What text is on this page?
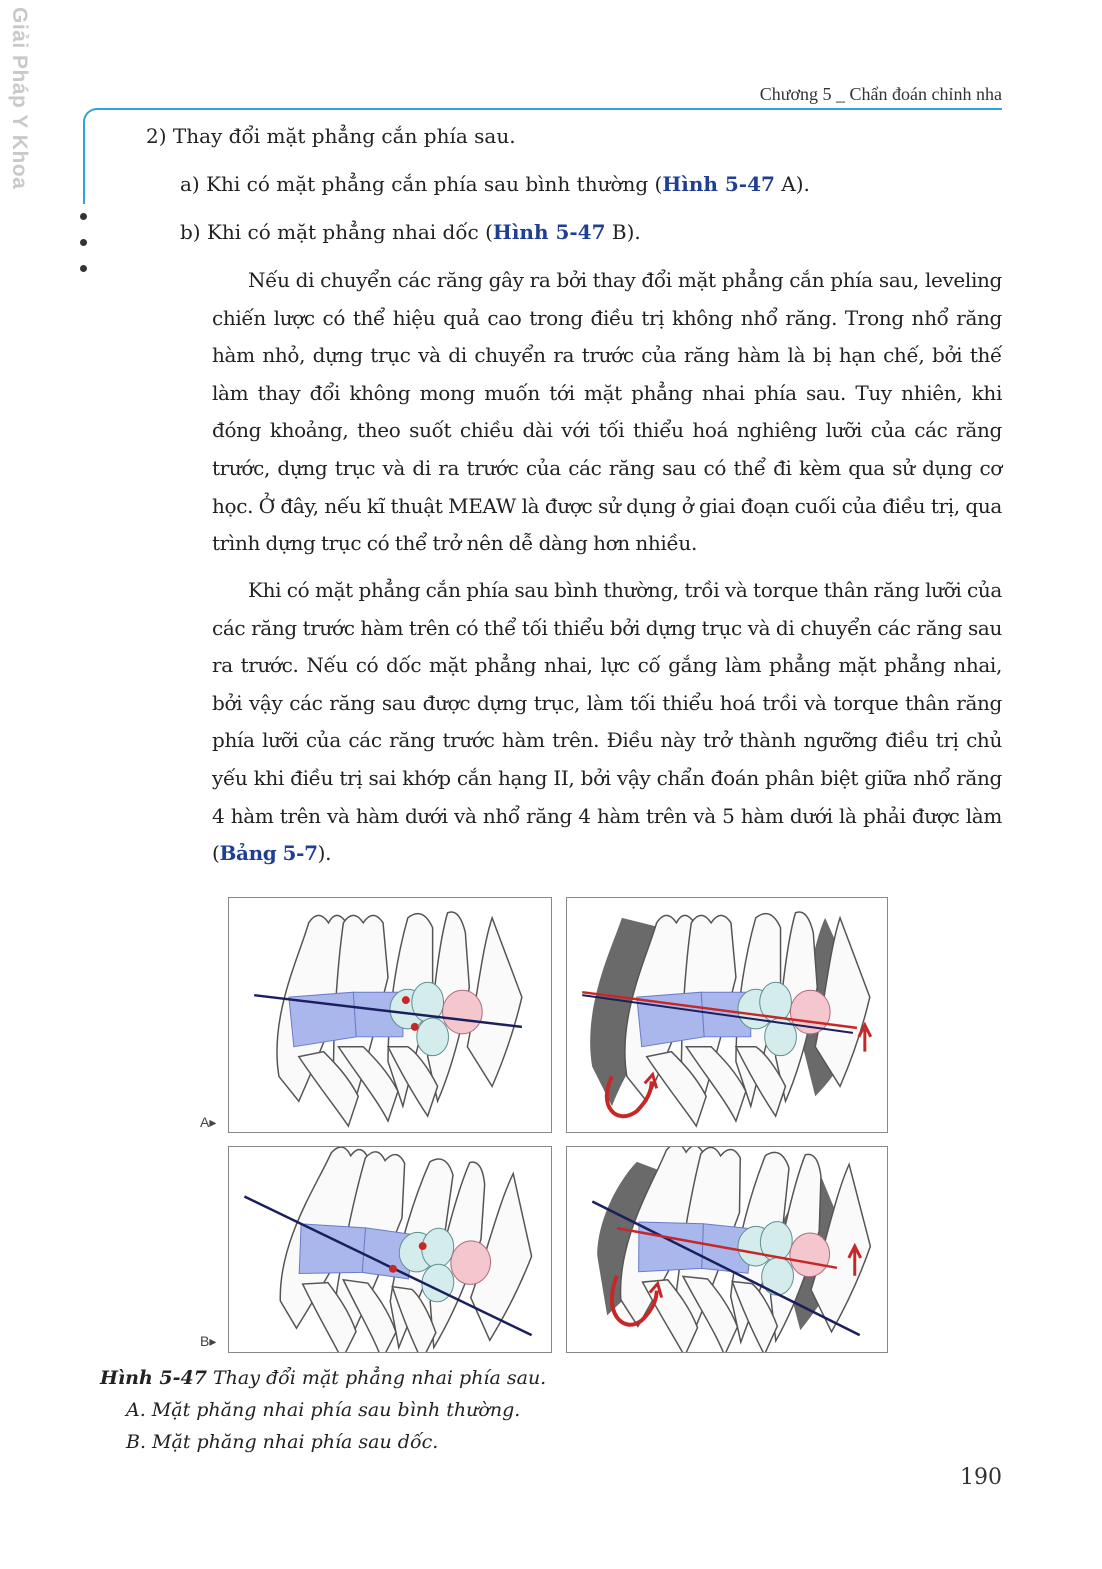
Giải Pháp Y Khoa	Chương 5 _ Chẩn đoán chỉnh nha
2) Thay đổi mặt phẳng cắn phía sau.
a) Khi có mặt phẳng cắn phía sau bình thường (Hình 5-47 A).
b) Khi có mặt phẳng nhai dốc (Hình 5-47 B).
Nếu di chuyển các răng gây ra bởi thay đổi mặt phẳng cắn phía sau, leveling chiến lược có thể hiệu quả cao trong điều trị không nhổ răng. Trong nhổ răng hàm nhỏ, dựng trục và di chuyển ra trước của răng hàm là bị hạn chế, bởi thế làm thay đổi không mong muốn tới mặt phẳng nhai phía sau. Tuy nhiên, khi đóng khoảng, theo suốt chiều dài với tối thiểu hoá nghiêng lưỡi của các răng trước, dựng trục và di ra trước của các răng sau có thể đi kèm qua sử dụng cơ học. Ở đây, nếu kĩ thuật MEAW là được sử dụng ở giai đoạn cuối của điều trị, qua trình dựng trục có thể trở nên dễ dàng hơn nhiều.
Khi có mặt phẳng cắn phía sau bình thường, trồi và torque thân răng lưỡi của các răng trước hàm trên có thể tối thiểu bởi dựng trục và di chuyển các răng sau ra trước. Nếu có dốc mặt phẳng nhai, lực cố gắng làm phẳng mặt phẳng nhai, bởi vậy các răng sau được dựng trục, làm tối thiểu hoá trồi và torque thân răng phía lưỡi của các răng trước hàm trên. Điều này trở thành ngưỡng điều trị chủ yếu khi điều trị sai khớp cắn hạng II, bởi vậy chẩn đoán phân biệt giữa nhổ răng 4 hàm trên và hàm dưới và nhổ răng 4 hàm trên và 5 hàm dưới là phải được làm (Bảng 5-7).
A▸
B▸
Hình 5-47 Thay đổi mặt phẳng nhai phía sau.
A. Mặt phăng nhai phía sau bình thường.
B. Mặt phăng nhai phía sau dốc.
190
